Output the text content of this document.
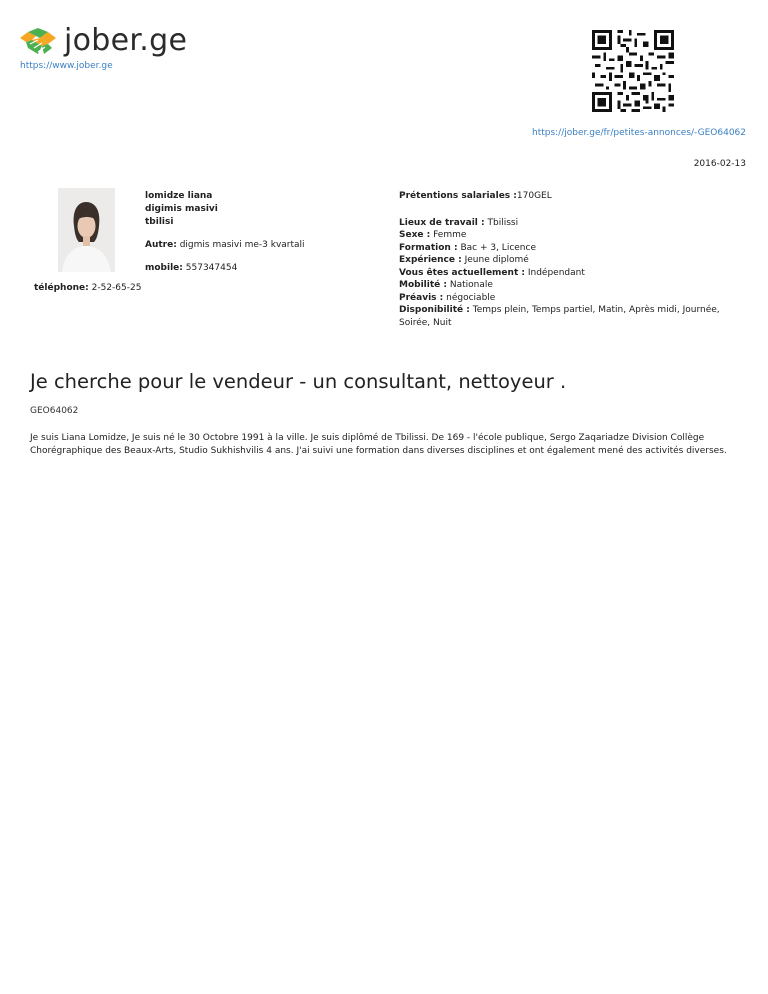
jober.ge
https://www.jober.ge
https://jober.ge/fr/petites-annonces/-GEO64062
2016-02-13
lomidze liana
digimis masivi
tbilisi
Autre: digmis masivi me-3 kvartali
mobile: 557347454
téléphone: 2-52-65-25
Prétentions salariales :170GEL
Lieux de travail : Tbilissi
Sexe : Femme
Formation : Bac + 3, Licence
Expérience : Jeune diplomé
Vous êtes actuellement : Indépendant
Mobilité : Nationale
Préavis : négociable
Disponibilité : Temps plein, Temps partiel, Matin, Après midi, Journée, Soirée, Nuit
Je cherche pour le vendeur - un consultant, nettoyeur .
GEO64062
Je suis Liana Lomidze, Je suis né le 30 Octobre 1991 à la ville. Je suis diplômé de Tbilissi. De 169 - l'école publique, Sergo Zaqariadze Division Collège Chorégraphique des Beaux-Arts, Studio Sukhishvilis 4 ans. J'ai suivi une formation dans diverses disciplines et ont également mené des activités diverses.
